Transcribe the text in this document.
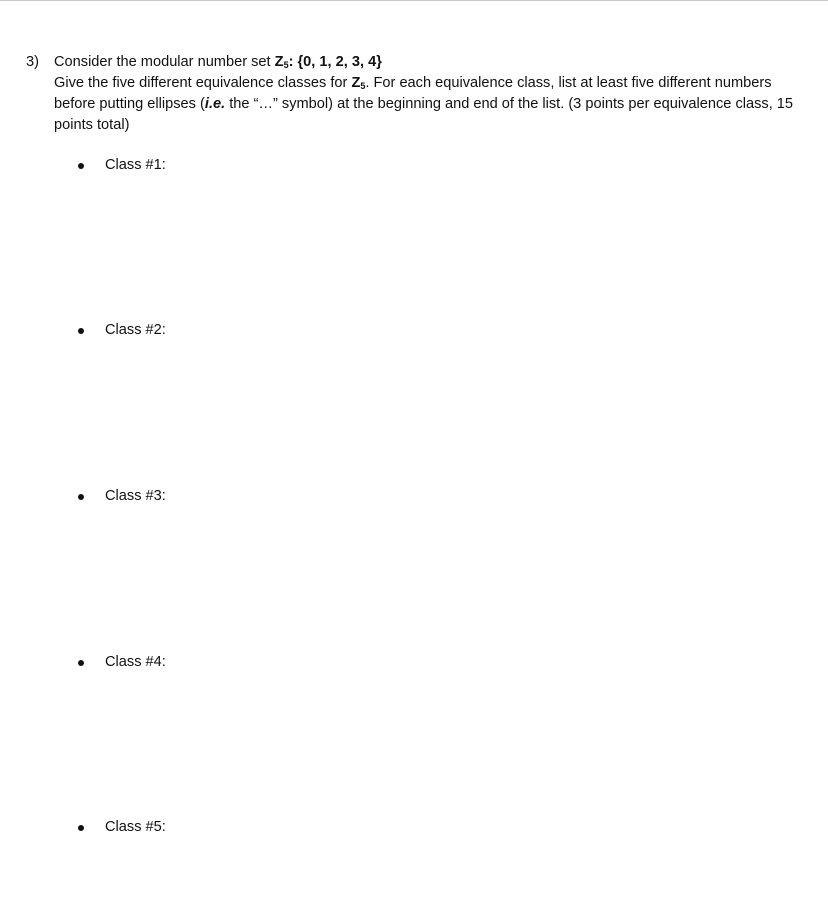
3) Consider the modular number set $Z_5$: {0, 1, 2, 3, 4}
Give the five different equivalence classes for $Z_5$. For each equivalence class, list at least five different numbers before putting ellipses (i.e. the “…” symbol) at the beginning and end of the list. (3 points per equivalence class, 15 points total)
Class #1:
Class #2:
Class #3:
Class #4:
Class #5:
